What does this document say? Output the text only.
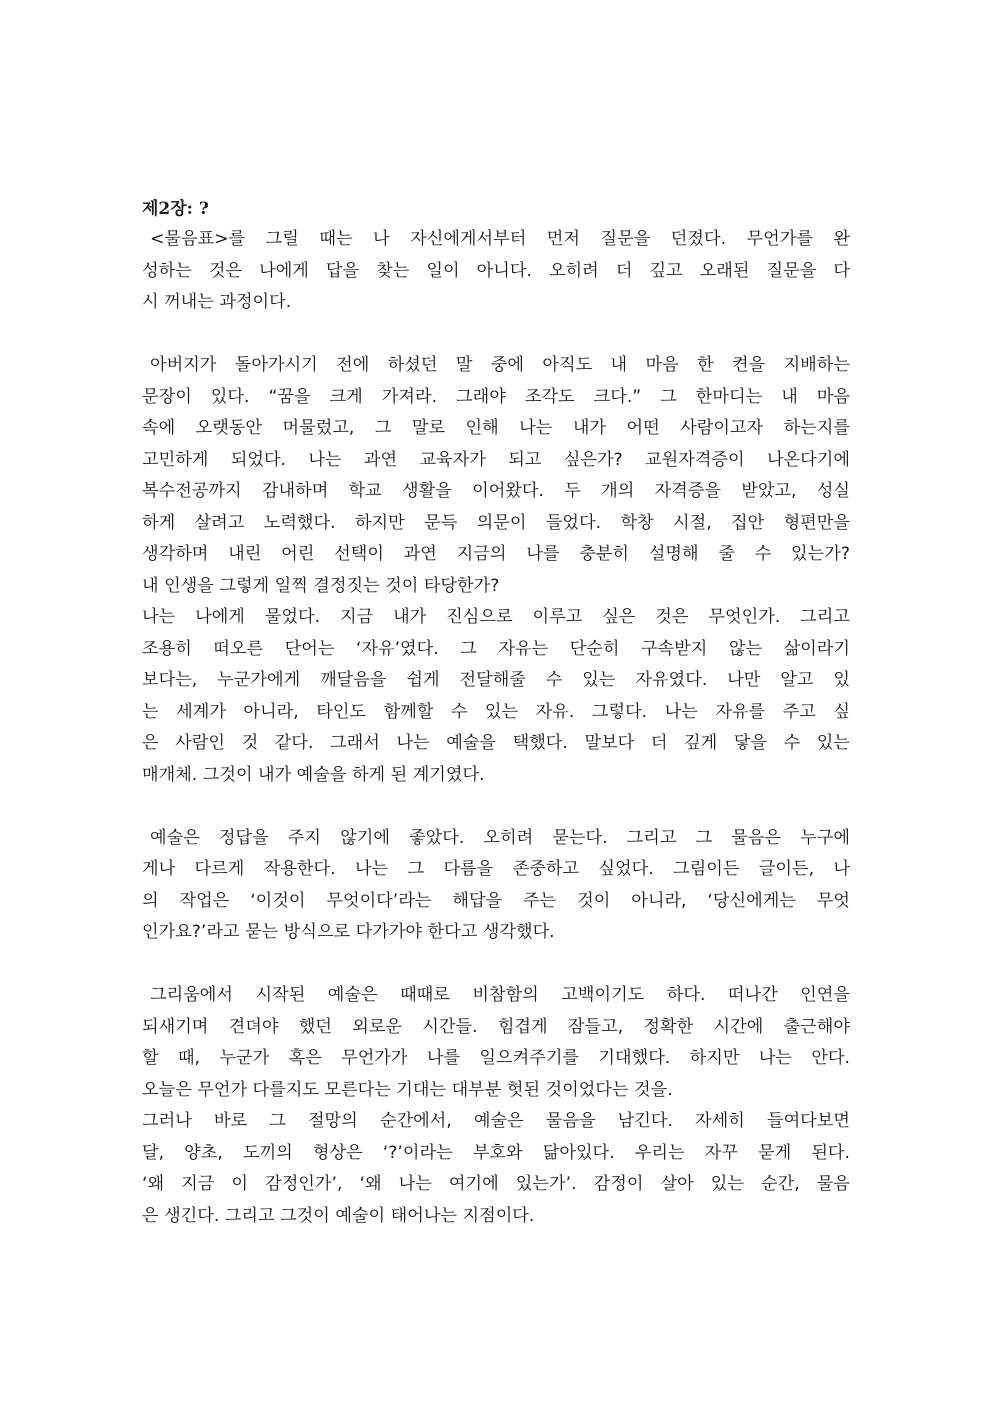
제2장: ?

<물음표>를 그릴 때는 나 자신에게서부터 먼저 질문을 던졌다. 무언가를 완
성하는 것은 나에게 답을 찾는 일이 아니다. 오히려 더 깊고 오래된 질문을 다
시 꺼내는 과정이다.

아버지가 돌아가시기 전에 하셨던 말 중에 아직도 내 마음 한 켠을 지배하는
문장이 있다. “꿈을 크게 가져라. 그래야 조각도 크다.” 그 한마디는 내 마음
속에 오랫동안 머물렀고, 그 말로 인해 나는 내가 어떤 사람이고자 하는지를
고민하게 되었다. 나는 과연 교육자가 되고 싶은가? 교원자격증이 나온다기에
복수전공까지 감내하며 학교 생활을 이어왔다. 두 개의 자격증을 받았고, 성실
하게 살려고 노력했다. 하지만 문득 의문이 들었다. 학창 시절, 집안 형편만을
생각하며 내린 어린 선택이 과연 지금의 나를 충분히 설명해 줄 수 있는가?
내 인생을 그렇게 일찍 결정짓는 것이 타당한가?

나는 나에게 물었다. 지금 내가 진심으로 이루고 싶은 것은 무엇인가. 그리고
조용히 떠오른 단어는 ‘자유’였다. 그 자유는 단순히 구속받지 않는 삶이라기
보다는, 누군가에게 깨달음을 쉽게 전달해줄 수 있는 자유였다. 나만 알고 있
는 세계가 아니라, 타인도 함께할 수 있는 자유. 그렇다. 나는 자유를 주고 싶
은 사람인 것 같다. 그래서 나는 예술을 택했다. 말보다 더 깊게 닿을 수 있는
매개체. 그것이 내가 예술을 하게 된 계기였다.

예술은 정답을 주지 않기에 좋았다. 오히려 묻는다. 그리고 그 물음은 누구에
게나 다르게 작용한다. 나는 그 다름을 존중하고 싶었다. 그림이든 글이든, 나
의 작업은 ‘이것이 무엇이다’라는 해답을 주는 것이 아니라, ‘당신에게는 무엇
인가요?’라고 묻는 방식으로 다가가야 한다고 생각했다.

그리움에서 시작된 예술은 때때로 비참함의 고백이기도 하다. 떠나간 인연을
되새기며 견뎌야 했던 외로운 시간들. 힘겹게 잠들고, 정확한 시간에 출근해야
할 때, 누군가 혹은 무언가가 나를 일으켜주기를 기대했다. 하지만 나는 안다.
오늘은 무언가 다를지도 모른다는 기대는 대부분 헛된 것이었다는 것을.

그러나 바로 그 절망의 순간에서, 예술은 물음을 남긴다. 자세히 들여다보면
달, 양초, 도끼의 형상은 ‘?’이라는 부호와 닮아있다. 우리는 자꾸 묻게 된다.
‘왜 지금 이 감정인가’, ‘왜 나는 여기에 있는가’. 감정이 살아 있는 순간, 물음
은 생긴다. 그리고 그것이 예술이 태어나는 지점이다.
